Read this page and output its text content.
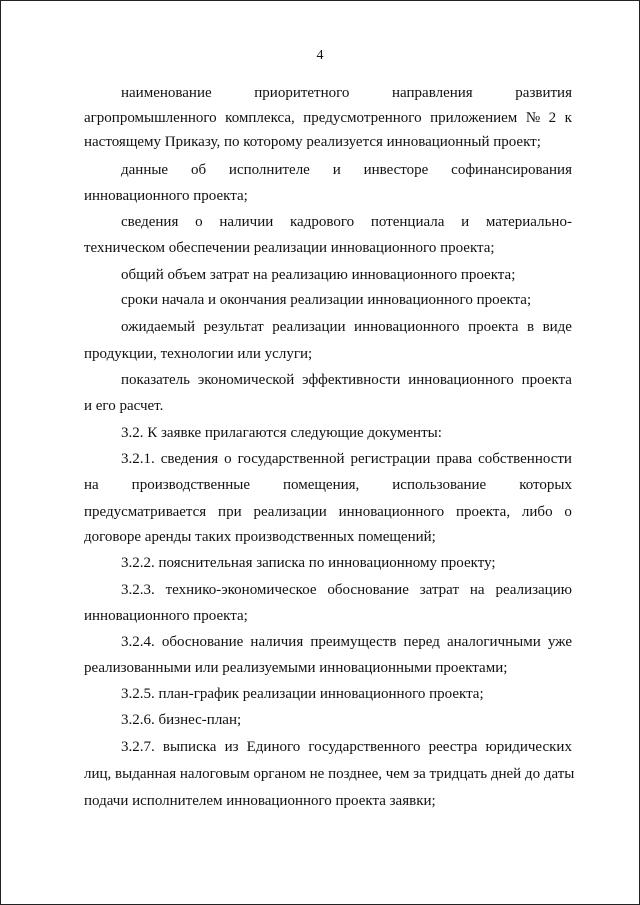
4
наименование	приоритетного	направления	развития
агропромышленного комплекса, предусмотренного приложением № 2 к
настоящему Приказу, по которому реализуется инновационный проект;
данные об исполнителе и инвесторе софинансирования
инновационного проекта;
сведения о наличии кадрового потенциала и материально-
техническом обеспечении реализации инновационного проекта;
общий объем затрат на реализацию инновационного проекта;
сроки начала и окончания реализации инновационного проекта;
ожидаемый результат реализации инновационного проекта в виде
продукции, технологии или услуги;
показатель экономической эффективности инновационного проекта
и его расчет.
3.2. К заявке прилагаются следующие документы:
3.2.1. сведения о государственной регистрации права собственности
на производственные помещения, использование которых
предусматривается при реализации инновационного проекта, либо о
договоре аренды таких производственных помещений;
3.2.2. пояснительная записка по инновационному проекту;
3.2.3. технико-экономическое обоснование затрат на реализацию
инновационного проекта;
3.2.4. обоснование наличия преимуществ перед аналогичными уже
реализованными или реализуемыми инновационными проектами;
3.2.5. план-график реализации инновационного проекта;
3.2.6. бизнес-план;
3.2.7. выписка из Единого государственного реестра юридических
лиц, выданная налоговым органом не позднее, чем за тридцать дней до даты
подачи исполнителем инновационного проекта заявки;
